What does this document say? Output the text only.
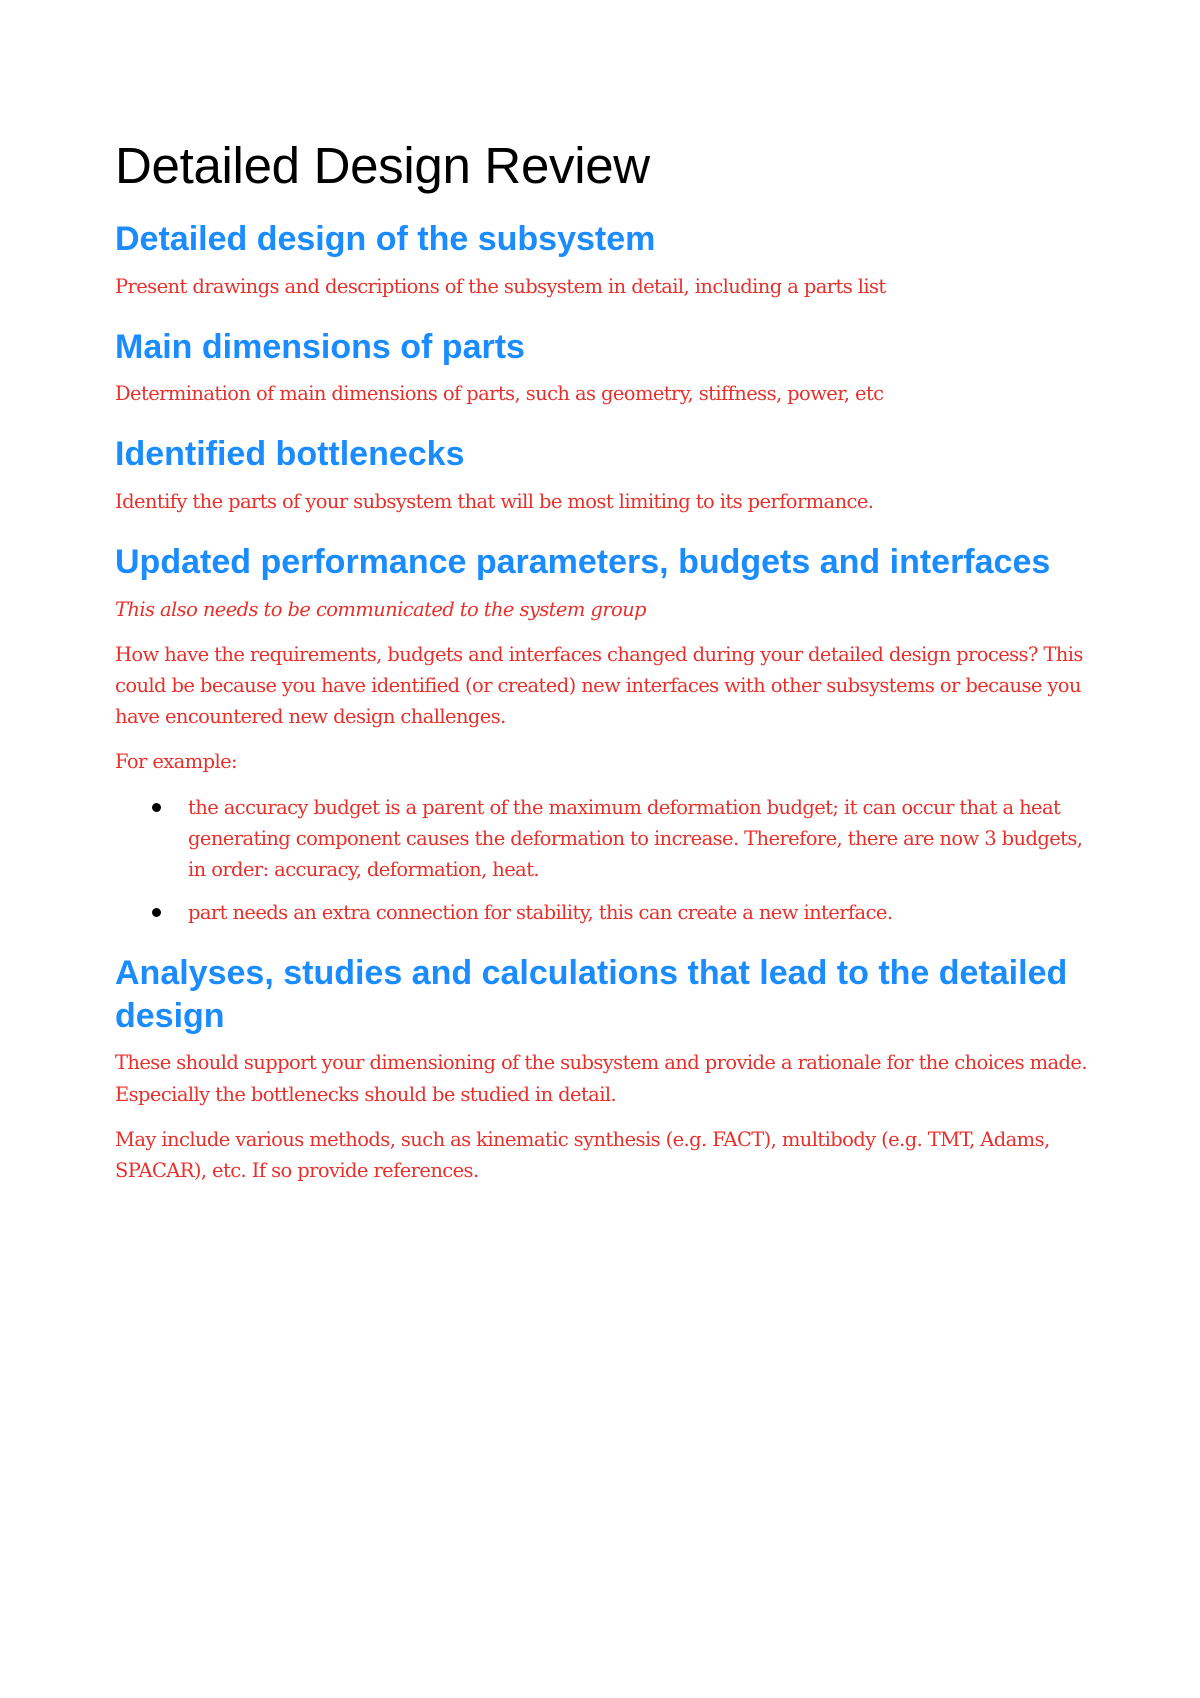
Detailed Design Review
Detailed design of the subsystem

Present drawings and descriptions of the subsystem in detail, including a parts list

Main dimensions of parts

Determination of main dimensions of parts, such as geometry, stiffness, power, etc

Identified bottlenecks

Identify the parts of your subsystem that will be most limiting to its performance.

Updated performance parameters, budgets and interfaces

This also needs to be communicated to the system group

How have the requirements, budgets and interfaces changed during your detailed design process? This could be because you have identified (or created) new interfaces with other subsystems or because you have encountered new design challenges.

For example:

the accuracy budget is a parent of the maximum deformation budget; it can occur that a heat generating component causes the deformation to increase. Therefore, there are now 3 budgets, in order: accuracy, deformation, heat.
part needs an extra connection for stability, this can create a new interface.
Analyses, studies and calculations that lead to the detailed design

These should support your dimensioning of the subsystem and provide a rationale for the choices made. Especially the bottlenecks should be studied in detail.

May include various methods, such as kinematic synthesis (e.g. FACT), multibody (e.g. TMT, Adams, SPACAR), etc. If so provide references.
